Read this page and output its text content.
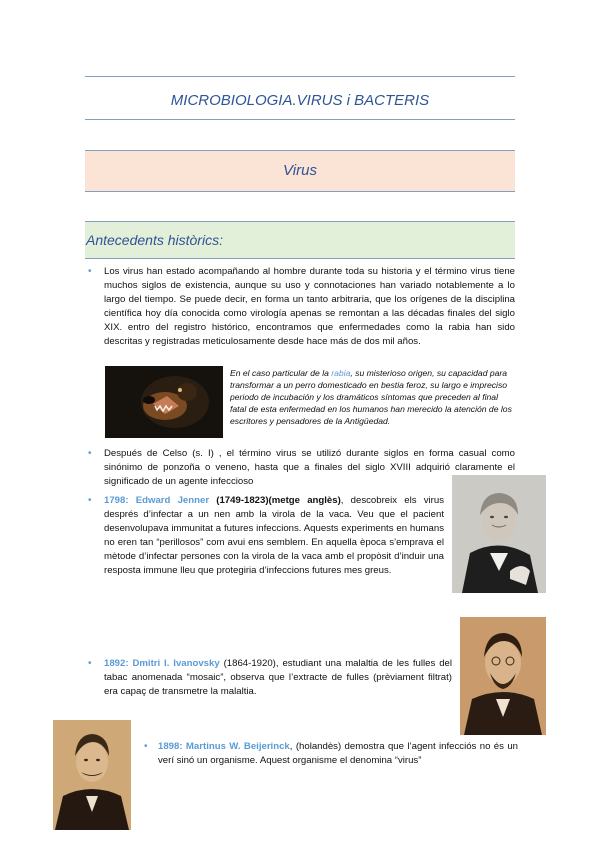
MICROBIOLOGIA.VIRUS i BACTERIS
Virus
Antecedents històrics:
• Los virus han estado acompañando al hombre durante toda su historia y el término virus tiene muchos siglos de existencia, aunque su uso y connotaciones han variado notablemente a lo largo del tiempo. Se puede decir, en forma un tanto arbitraria, que los orígenes de la disciplina científica hoy día conocida como virología apenas se remontan a las décadas finales del siglo XIX. entro del registro histórico, encontramos que enfermedades como la rabia han sido descritas y registradas meticulosamente desde hace más de dos mil años.
En el caso particular de la rabia, su misterioso origen, su capacidad para transformar a un perro domesticado en bestia feroz, su largo e impreciso periodo de incubación y los dramáticos síntomas que preceden al final fatal de esta enfermedad en los humanos han merecido la atención de los escritores y pensadores de la Antigüedad.
• Después de Celso (s. I) , el término virus se utilizó durante siglos en forma casual como sinónimo de ponzoña o veneno, hasta que a finales del siglo XVIII adquirió claramente el significado de un agente infeccioso
• 1798: Edward Jenner (1749-1823)(metge anglès), descobreix els virus després d’infectar a un nen amb la virola de la vaca. Veu que el pacient desenvolupava immunitat a futures infeccions. Aquests experiments en humans no eren tan “perillosos” com avui ens semblem. En aquella època s’emprava el mètode d’infectar persones con la virola de la vaca amb el propòsit d’induir una resposta immune lleu que protegiria d’infeccions futures mes greus.
• 1892: Dmitri I. Ivanovsky (1864-1920), estudiant una malaltia de les fulles del tabac anomenada “mosaic”, observa que l’extracte de fulles (prèviament filtrat) era capaç de transmetre la malaltia.
• 1898: Martinus W. Beijerinck, (holandès) demostra que l’agent infecciós no és un verí sinó un organisme. Aquest organisme el denomina “virus”
